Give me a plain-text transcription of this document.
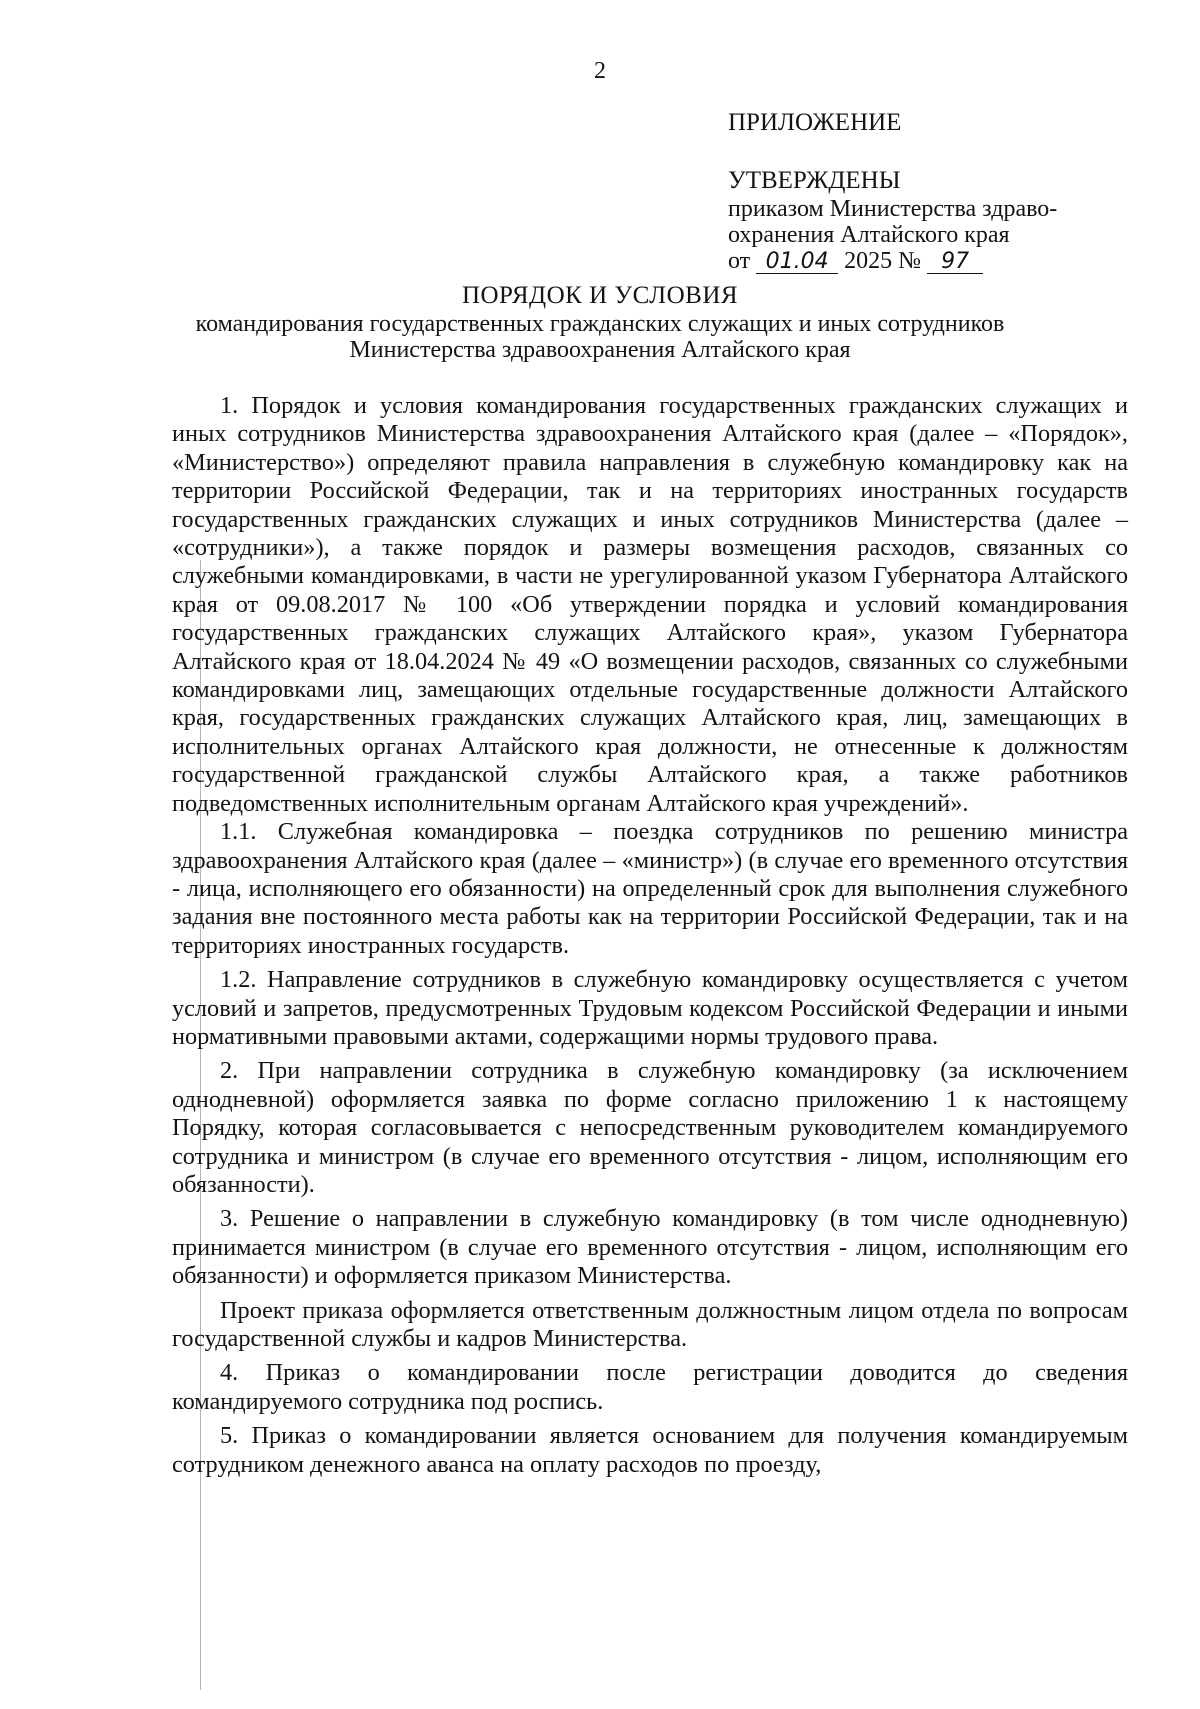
2
ПРИЛОЖЕНИЕ
УТВЕРЖДЕНЫ
приказом Министерства здраво-
охранения Алтайского края
от 01.04 2025 № 97
ПОРЯДОК И УСЛОВИЯ
командирования государственных гражданских служащих и иных сотрудников
Министерства здравоохранения Алтайского края

1. Порядок и условия командирования государственных гражданских служащих и иных сотрудников Министерства здравоохранения Алтайского края (далее – «Порядок», «Министерство») определяют правила направления в служебную командировку как на территории Российской Федерации, так и на территориях иностранных государств государственных гражданских служащих и иных сотрудников Министерства (далее – «сотрудники»), а также порядок и размеры возмещения расходов, связанных со служебными командировками, в части не урегулированной указом Губернатора Алтайского края от 09.08.2017 № 100 «Об утверждении порядка и условий командирования государственных гражданских служащих Алтайского края», указом Губернатора Алтайского края от 18.04.2024 № 49 «О возмещении расходов, связанных со служебными командировками лиц, замещающих отдельные государственные должности Алтайского края, государственных гражданских служащих Алтайского края, лиц, замещающих в исполнительных органах Алтайского края должности, не отнесенные к должностям государственной гражданской службы Алтайского края, а также работников подведомственных исполнительным органам Алтайского края учреждений».

1.1. Служебная командировка – поездка сотрудников по решению министра здравоохранения Алтайского края (далее – «министр») (в случае его временного отсутствия - лица, исполняющего его обязанности) на определенный срок для выполнения служебного задания вне постоянного места работы как на территории Российской Федерации, так и на территориях иностранных государств.

1.2. Направление сотрудников в служебную командировку осуществляется с учетом условий и запретов, предусмотренных Трудовым кодексом Российской Федерации и иными нормативными правовыми актами, содержащими нормы трудового права.

2. При направлении сотрудника в служебную командировку (за исключением однодневной) оформляется заявка по форме согласно приложению 1 к настоящему Порядку, которая согласовывается с непосредственным руководителем командируемого сотрудника и министром (в случае его временного отсутствия - лицом, исполняющим его обязанности).

3. Решение о направлении в служебную командировку (в том числе однодневную) принимается министром (в случае его временного отсутствия - лицом, исполняющим его обязанности) и оформляется приказом Министерства.

Проект приказа оформляется ответственным должностным лицом отдела по вопросам государственной службы и кадров Министерства.

4. Приказ о командировании после регистрации доводится до сведения командируемого сотрудника под роспись.

5. Приказ о командировании является основанием для получения командируемым сотрудником денежного аванса на оплату расходов по проезду,
